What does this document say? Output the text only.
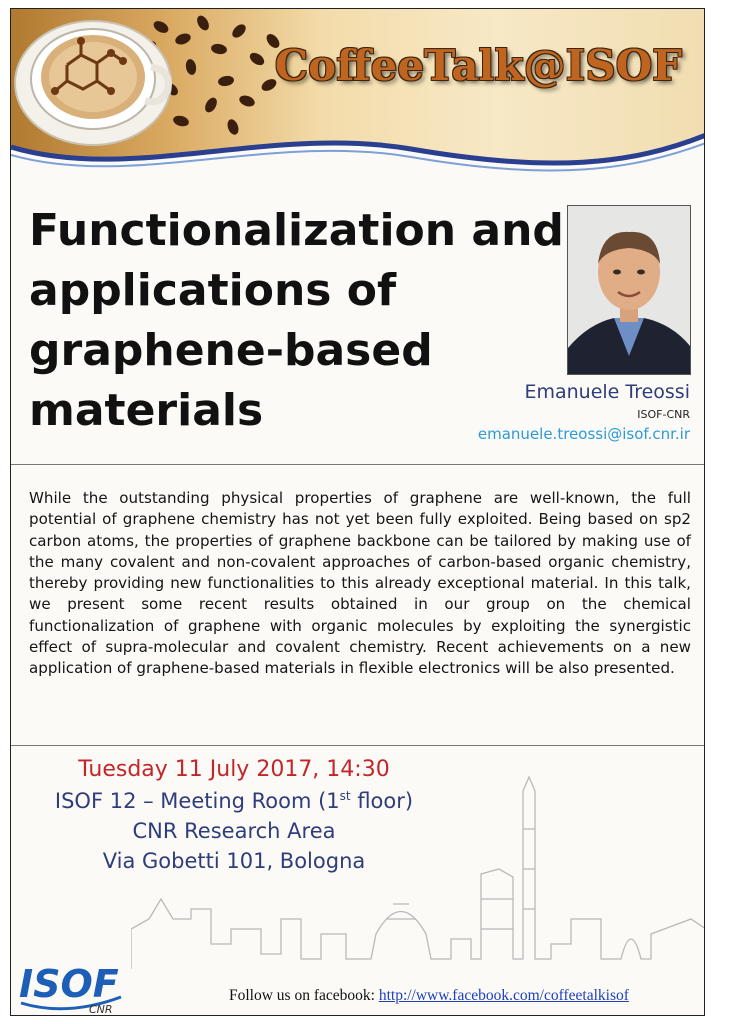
CoffeeTalk@ISOF
Functionalization and applications of graphene-based materials	Emanuele Treossi
ISOF-CNR
emanuele.treossi@isof.cnr.ir
While the outstanding physical properties of graphene are well-known, the full potential of graphene chemistry has not yet been fully exploited. Being based on sp2 carbon atoms, the properties of graphene backbone can be tailored by making use of the many covalent and non-covalent approaches of carbon-based organic chemistry, thereby providing new functionalities to this already exceptional material. In this talk, we present some recent results obtained in our group on the chemical functionalization of graphene with organic molecules by exploiting the synergistic effect of supra-molecular and covalent chemistry. Recent achievements on a new application of graphene-based materials in flexible electronics will be also presented.
Tuesday 11 July 2017, 14:30
ISOF 12 – Meeting Room (1st floor)
CNR Research Area
Via Gobetti 101, Bologna
ISOF
CNR
Follow us on facebook: http://www.facebook.com/coffeetalkisof
